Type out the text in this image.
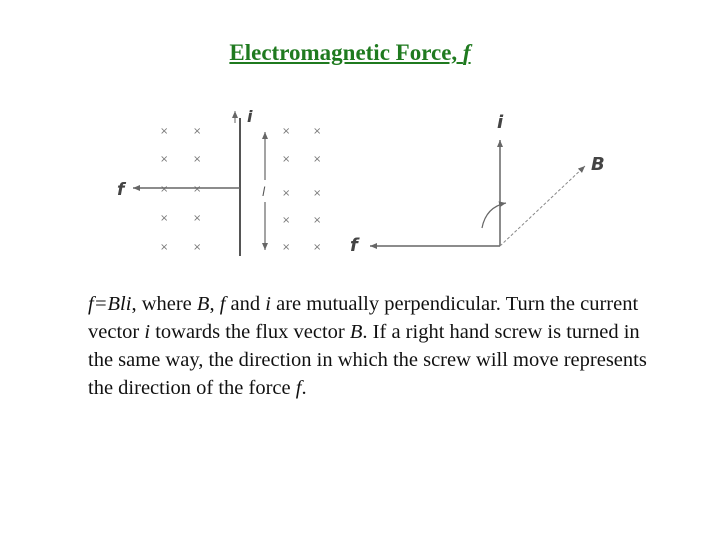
Electromagnetic Force, f
× ×	× ×
× ×	× ×
× ×	× ×
× ×	× ×
× ×	× ×
i
f	l
i
B
f
f=Bli, where B, f and i are mutually perpendicular. Turn the current vector i towards the flux vector B. If a right hand screw is turned in the same way, the direction in which the screw will move represents the direction of the force f.
